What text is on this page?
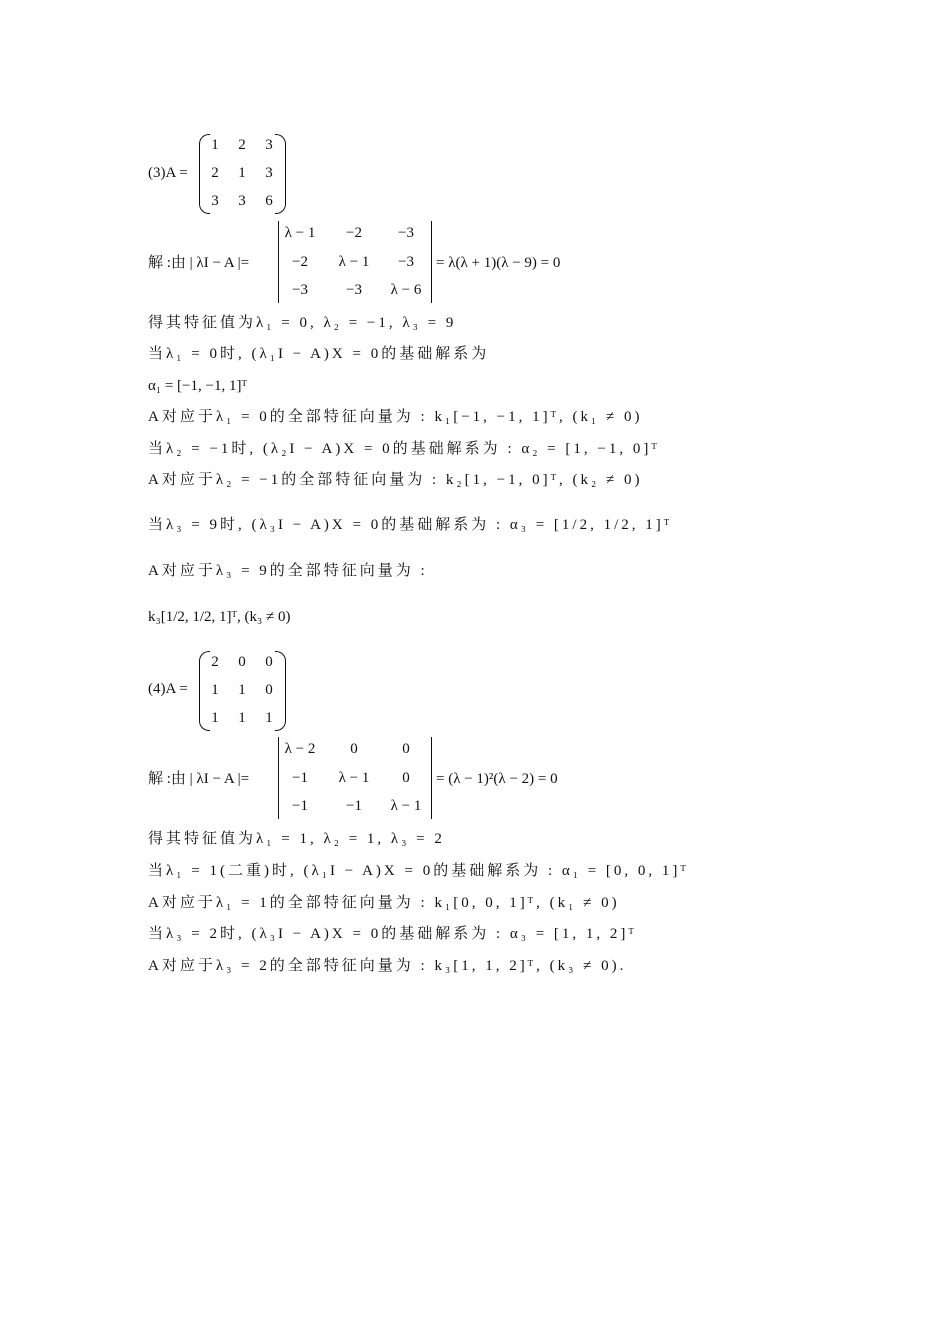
(3)A =
1 2 3
2 1 3
3 3 6
解 :由 | λI − A |=
λ − 1	−2	−3
−2	λ − 1	−3
−3	−3	λ − 6
= λ(λ + 1)(λ − 9) = 0
得其特征值为λ₁ = 0, λ₂ = −1, λ₃ = 9
当λ₁ = 0时, (λ₁I − A)X = 0的基础解系为
α₁ = [−1, −1, 1]ᵀ
A对应于λ₁ = 0的全部特征向量为 : k₁[−1, −1, 1]ᵀ, (k₁ ≠ 0)
当λ₂ = −1时, (λ₂I − A)X = 0的基础解系为 : α₂ = [1, −1, 0]ᵀ
A对应于λ₂ = −1的全部特征向量为 : k₂[1, −1, 0]ᵀ, (k₂ ≠ 0)
当λ₃ = 9时, (λ₃I − A)X = 0的基础解系为 : α₃ = [1/2, 1/2, 1]ᵀ
A对应于λ₃ = 9的全部特征向量为 :
k₃[1/2, 1/2, 1]ᵀ, (k₃ ≠ 0)
(4)A =
2 0 0
1 1 0
1 1 1
解 :由 | λI − A |=
λ − 2	0	0
−1	λ − 1	0
−1	−1	λ − 1
= (λ − 1)²(λ − 2) = 0
得其特征值为λ₁ = 1, λ₂ = 1, λ₃ = 2
当λ₁ = 1(二重)时, (λ₁I − A)X = 0的基础解系为 : α₁ = [0, 0, 1]ᵀ
A对应于λ₁ = 1的全部特征向量为 : k₁[0, 0, 1]ᵀ, (k₁ ≠ 0)
当λ₃ = 2时, (λ₃I − A)X = 0的基础解系为 : α₃ = [1, 1, 2]ᵀ
A对应于λ₃ = 2的全部特征向量为 : k₃[1, 1, 2]ᵀ, (k₃ ≠ 0).
